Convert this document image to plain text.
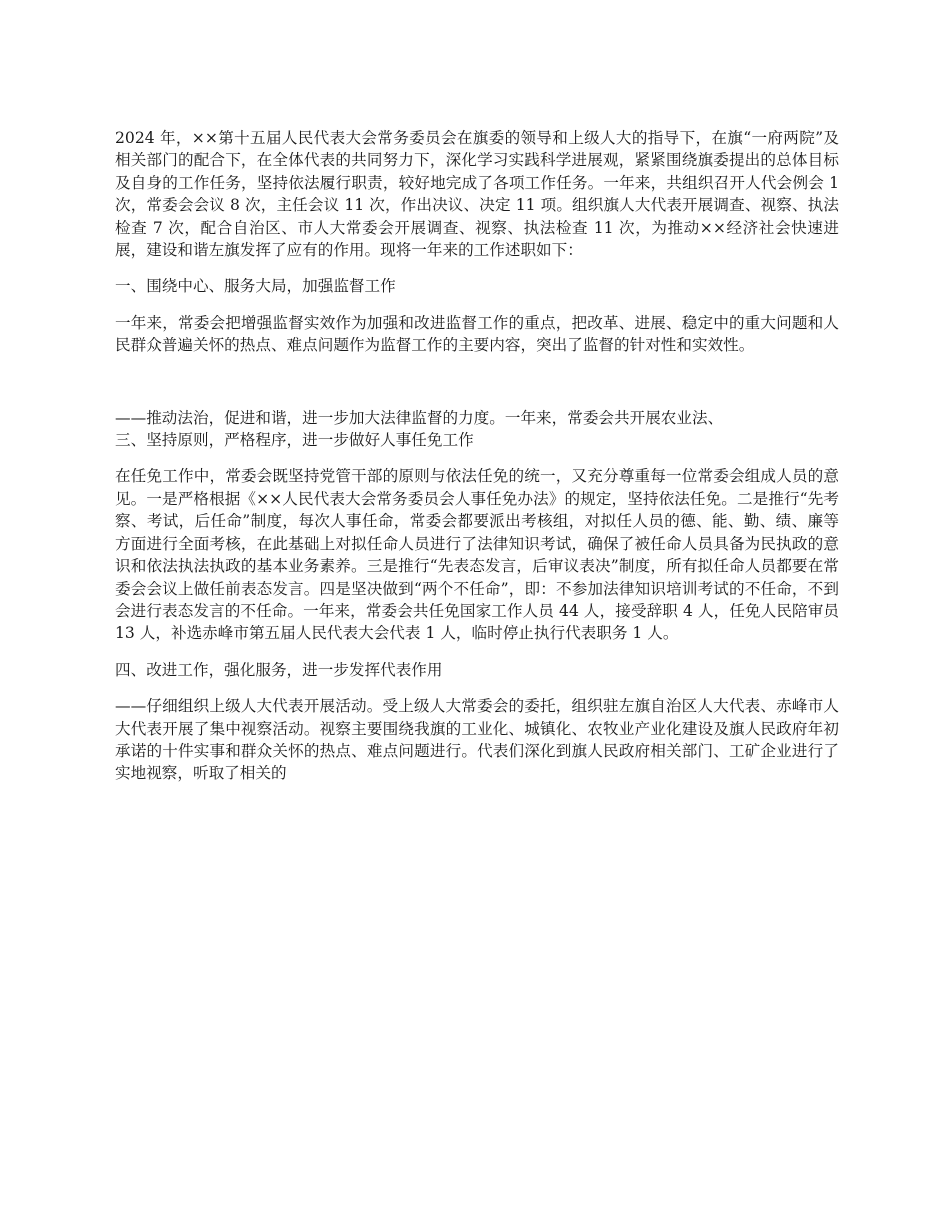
2024 年，××第十五届人民代表大会常务委员会在旗委的领导和上级人大的指导下，在旗“一府两院”及相关部门的配合下，在全体代表的共同努力下，深化学习实践科学进展观，紧紧围绕旗委提出的总体目标及自身的工作任务，坚持依法履行职责，较好地完成了各项工作任务。一年来，共组织召开人代会例会 1 次，常委会会议 8 次，主任会议 11 次，作出决议、决定 11 项。组织旗人大代表开展调查、视察、执法检查 7 次，配合自治区、市人大常委会开展调查、视察、执法检查 11 次，为推动××经济社会快速进展，建设和谐左旗发挥了应有的作用。现将一年来的工作述职如下：

一、围绕中心、服务大局，加强监督工作

一年来，常委会把增强监督实效作为加强和改进监督工作的重点，把改革、进展、稳定中的重大问题和人民群众普遍关怀的热点、难点问题作为监督工作的主要内容，突出了监督的针对性和实效性。

——推动法治，促进和谐，进一步加大法律监督的力度。一年来，常委会共开展农业法、

三、坚持原则，严格程序，进一步做好人事任免工作

在任免工作中，常委会既坚持党管干部的原则与依法任免的统一，又充分尊重每一位常委会组成人员的意见。一是严格根据《××人民代表大会常务委员会人事任免办法》的规定，坚持依法任免。二是推行“先考察、考试，后任命”制度，每次人事任命，常委会都要派出考核组，对拟任人员的德、能、勤、绩、廉等方面进行全面考核，在此基础上对拟任命人员进行了法律知识考试，确保了被任命人员具备为民执政的意识和依法执法执政的基本业务素养。三是推行“先表态发言，后审议表决”制度，所有拟任命人员都要在常委会会议上做任前表态发言。四是坚决做到“两个不任命”，即：不参加法律知识培训考试的不任命，不到会进行表态发言的不任命。一年来，常委会共任免国家工作人员 44 人，接受辞职 4 人，任免人民陪审员 13 人，补选赤峰市第五届人民代表大会代表 1 人，临时停止执行代表职务 1 人。

四、改进工作，强化服务，进一步发挥代表作用

——仔细组织上级人大代表开展活动。受上级人大常委会的委托，组织驻左旗自治区人大代表、赤峰市人大代表开展了集中视察活动。视察主要围绕我旗的工业化、城镇化、农牧业产业化建设及旗人民政府年初承诺的十件实事和群众关怀的热点、难点问题进行。代表们深化到旗人民政府相关部门、工矿企业进行了实地视察，听取了相关的
